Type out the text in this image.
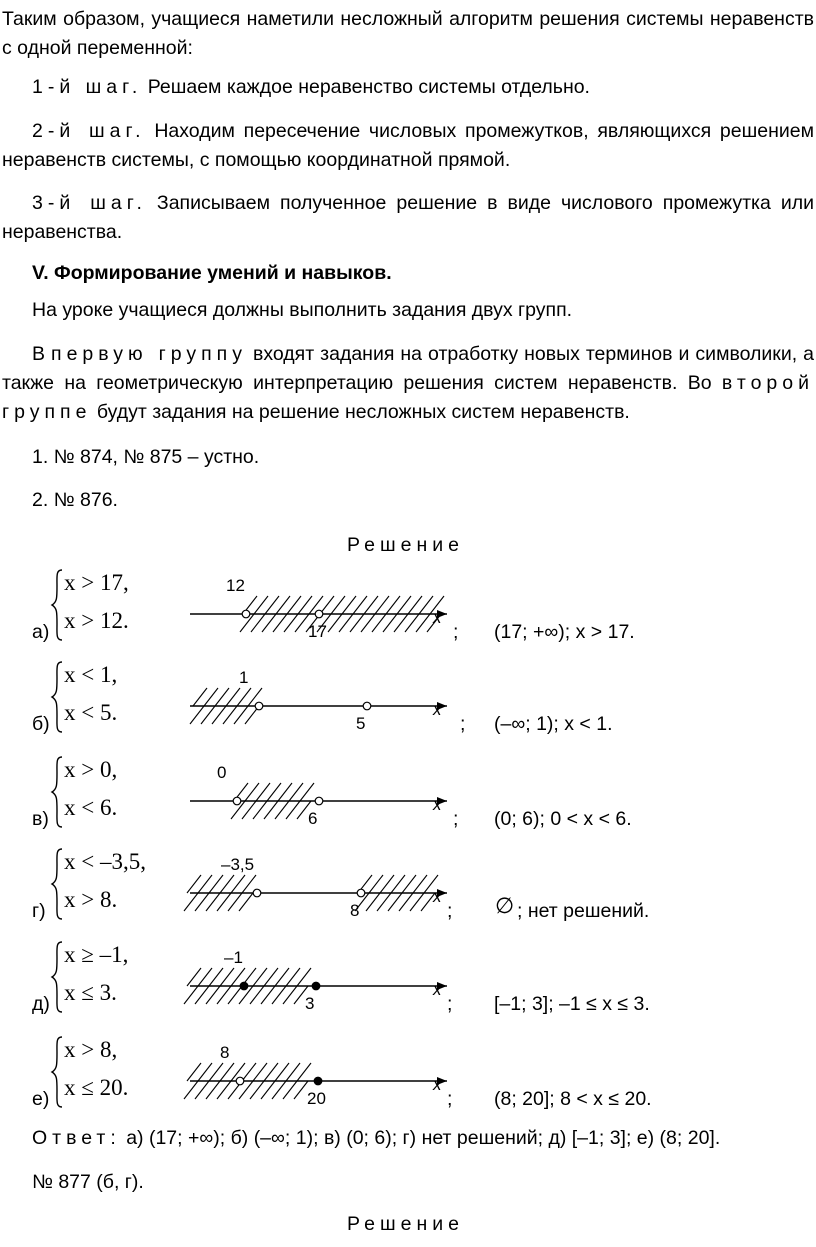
Таким образом, учащиеся наметили несложный алгоритм решения системы неравенств с одной переменной:

1-й шаг. Решаем каждое неравенство системы отдельно.

2-й шаг. Находим пересечение числовых промежутков, являющихся решением неравенств системы, с помощью координатной прямой.

3-й шаг. Записываем полученное решение в виде числового промежутка или неравенства.

V. Формирование умений и навыков.

На уроке учащиеся должны выполнить задания двух групп.

В первую группу входят задания на отработку новых терминов и символики, а также на геометрическую интерпретацию решения систем неравенств. Во второй группе будут задания на решение несложных систем неравенств.

1. № 874, № 875 – устно.

2. № 876.

Решение

а)
x > 17,
x > 12.
12
17
x
; (17; +∞); x > 17.
б)
x < 1,
x < 5.
1
5
x
; (–∞; 1); x < 1.
в)
x > 0,
x < 6.
0
6
x
; (0; 6); 0 < x < 6.
г)
x < –3,5,
x > 8.
–3,5
8
x
; ∅ ; нет решений.
д)
x ≥ –1,
x ≤ 3.
–1
3
x
; [–1; 3]; –1 ≤ x ≤ 3.
е)
x > 8,
x ≤ 20.
8
20
x
; (8; 20]; 8 < x ≤ 20.

Ответ: а) (17; +∞); б) (–∞; 1); в) (0; 6); г) нет решений; д) [–1; 3]; е) (8; 20].

№ 877 (б, г).

Решение
